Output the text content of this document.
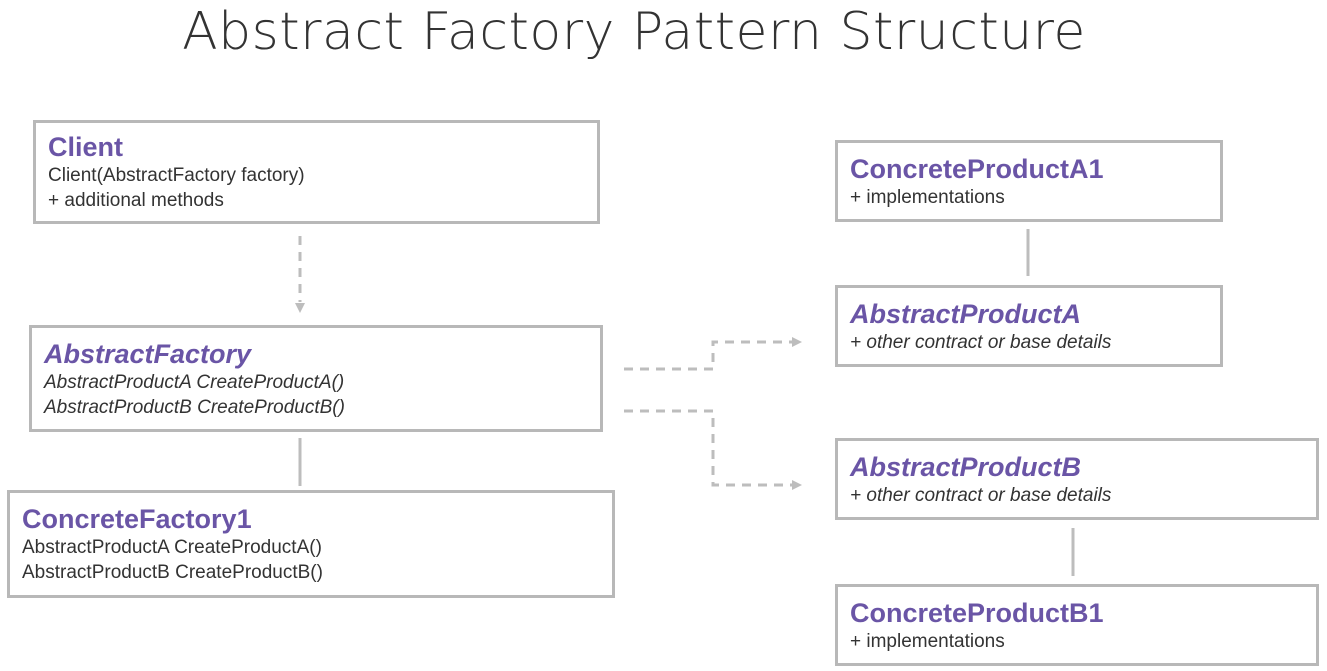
Abstract Factory Pattern Structure
Client
Client(AbstractFactory factory)
+ additional methods
AbstractFactory
AbstractProductA CreateProductA()
AbstractProductB CreateProductB()
ConcreteFactory1
AbstractProductA CreateProductA()
AbstractProductB CreateProductB()
ConcreteProductA1
+ implementations
AbstractProductA
+ other contract or base details
AbstractProductB
+ other contract or base details
ConcreteProductB1
+ implementations
